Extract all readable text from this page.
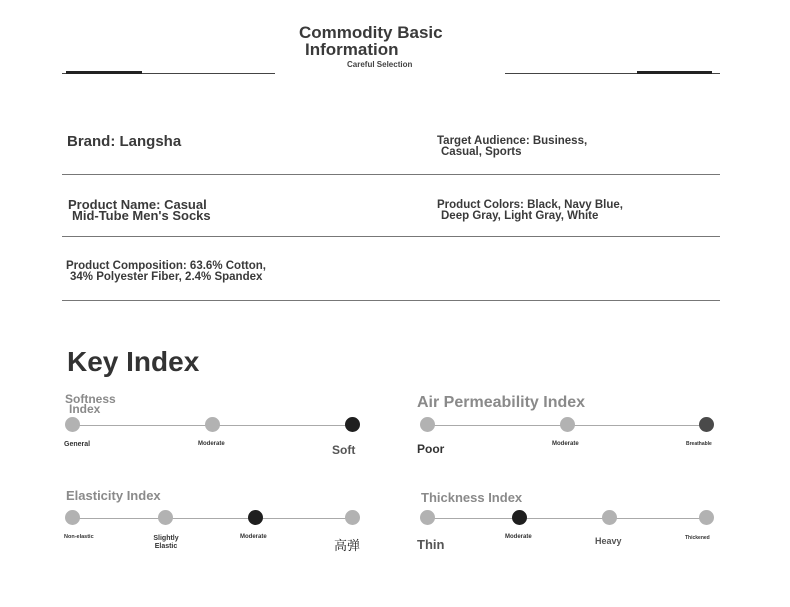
Commodity Basic
Information
Careful Selection
Brand: Langsha	Target Audience: Business,
Casual, Sports
Product Name: Casual
Mid-Tube Men's Socks
Product Colors: Black, Navy Blue,
Deep Gray, Light Gray, White
Product Composition: 63.6% Cotton,
34% Polyester Fiber, 2.4% Spandex
Key Index
Softness
Index
General	Moderate	Soft
Air Permeability Index
Poor	Moderate	Breathable
Elasticity Index
Non-elastic	Slightly Elastic
Moderate
高弹
Thickness Index
Thin	Moderate	Heavy	Thickened
